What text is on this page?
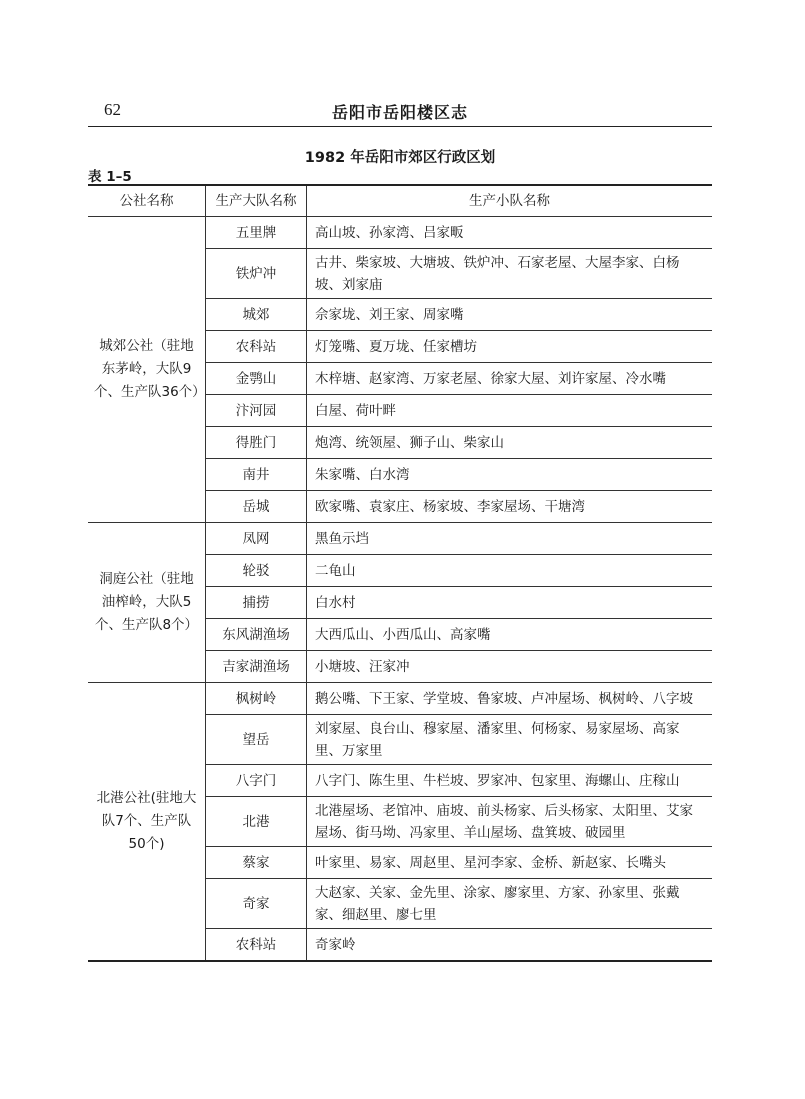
62	岳阳市岳阳楼区志
1982 年岳阳市郊区行政区划
表 1–5
公社名称	生产大队名称	生产小队名称
城郊公社（驻地东茅岭，大队9个、生产队36个）	五里牌	高山坡、孙家湾、吕家畈
	铁炉冲	古井、柴家坡、大塘坡、铁炉冲、石家老屋、大屋李家、白杨坡、刘家庙
	城郊	佘家垅、刘王家、周家嘴
	农科站	灯笼嘴、夏万垅、任家槽坊
	金鹗山	木梓塘、赵家湾、万家老屋、徐家大屋、刘许家屋、冷水嘴
	汴河园	白屋、荷叶畔
	得胜门	炮湾、统领屋、狮子山、柴家山
	南井	朱家嘴、白水湾
	岳城	欧家嘴、袁家庄、杨家坡、李家屋场、干塘湾
洞庭公社（驻地油榨岭，大队5个、生产队8个）	凤网	黑鱼示垱
	轮驳	二龟山
	捕捞	白水村
	东风湖渔场	大西瓜山、小西瓜山、高家嘴
	吉家湖渔场	小塘坡、汪家冲
北港公社(驻地大队7个、生产队50个)	枫树岭	鹅公嘴、下王家、学堂坡、鲁家坡、卢冲屋场、枫树岭、八字坡
	望岳	刘家屋、良台山、穆家屋、潘家里、何杨家、易家屋场、高家里、万家里
	八字门	八字门、陈生里、牛栏坡、罗家冲、包家里、海螺山、庄稼山
	北港	北港屋场、老馆冲、庙坡、前头杨家、后头杨家、太阳里、艾家屋场、街马坳、冯家里、羊山屋场、盘箕坡、破园里
	蔡家	叶家里、易家、周赵里、星河李家、金桥、新赵家、长嘴头
	奇家	大赵家、关家、金先里、涂家、廖家里、方家、孙家里、张戴家、细赵里、廖七里
	农科站	奇家岭
